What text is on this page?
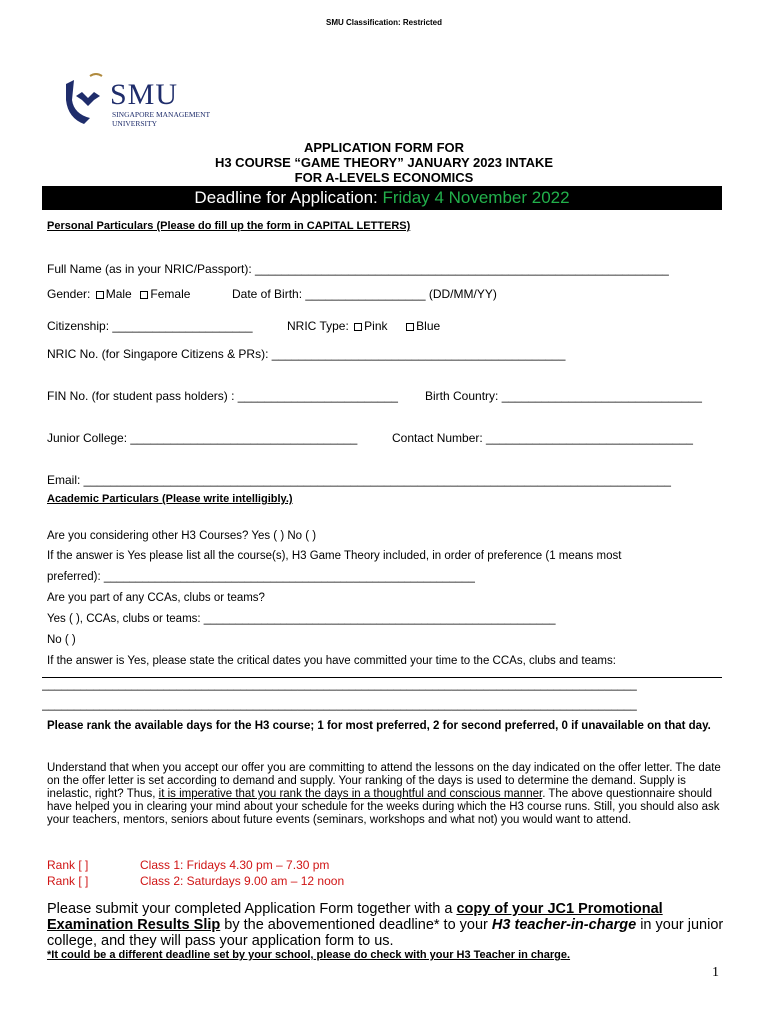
SMU Classification: Restricted
SMU
SINGAPORE MANAGEMENT
UNIVERSITY
APPLICATION FORM FOR
H3 COURSE “GAME THEORY” JANUARY 2023 INTAKE
FOR A-LEVELS ECONOMICS
Deadline for Application: Friday 4 November 2022
Personal Particulars (Please do fill up the form in CAPITAL LETTERS)
Full Name (as in your NRIC/Passport): ______________________________________________________________
Gender: Male Female	Date of Birth: __________________ (DD/MM/YY)
Citizenship: _____________________	NRIC Type: Pink Blue
NRIC No. (for Singapore Citizens & PRs): ____________________________________________
FIN No. (for student pass holders) : ________________________ Birth Country: ______________________________
Junior College: __________________________________	Contact Number: _______________________________
Email: ________________________________________________________________________________________
Academic Particulars (Please write intelligibly.)
Are you considering other H3 Courses? Yes ( ) No ( )
If the answer is Yes please list all the course(s), H3 Game Theory included, in order of preference (1 means most
preferred): __________________________________________________________
Are you part of any CCAs, clubs or teams?
Yes ( ), CCAs, clubs or teams: _______________________________________________________
No ( )
If the answer is Yes, please state the critical dates you have committed your time to the CCAs, clubs and teams:
_____________________________________________________________________________________________
_____________________________________________________________________________________________
Please rank the available days for the H3 course; 1 for most preferred, 2 for second preferred, 0 if unavailable on that day.
Understand that when you accept our offer you are committing to attend the lessons on the day indicated on the offer letter. The date on the offer letter is set according to demand and supply. Your ranking of the days is used to determine the demand. Supply is inelastic, right? Thus, it is imperative that you rank the days in a thoughtful and conscious manner. The above questionnaire should have helped you in clearing your mind about your schedule for the weeks during which the H3 course runs. Still, you should also ask your teachers, mentors, seniors about future events (seminars, workshops and what not) you would want to attend.
Rank [ ]	Class 1: Fridays 4.30 pm – 7.30 pm
Rank [ ]	Class 2: Saturdays 9.00 am – 12 noon
Please submit your completed Application Form together with a copy of your JC1 Promotional Examination Results Slip by the abovementioned deadline* to your H3 teacher-in-charge in your junior college, and they will pass your application form to us.
*It could be a different deadline set by your school, please do check with your H3 Teacher in charge.
1
